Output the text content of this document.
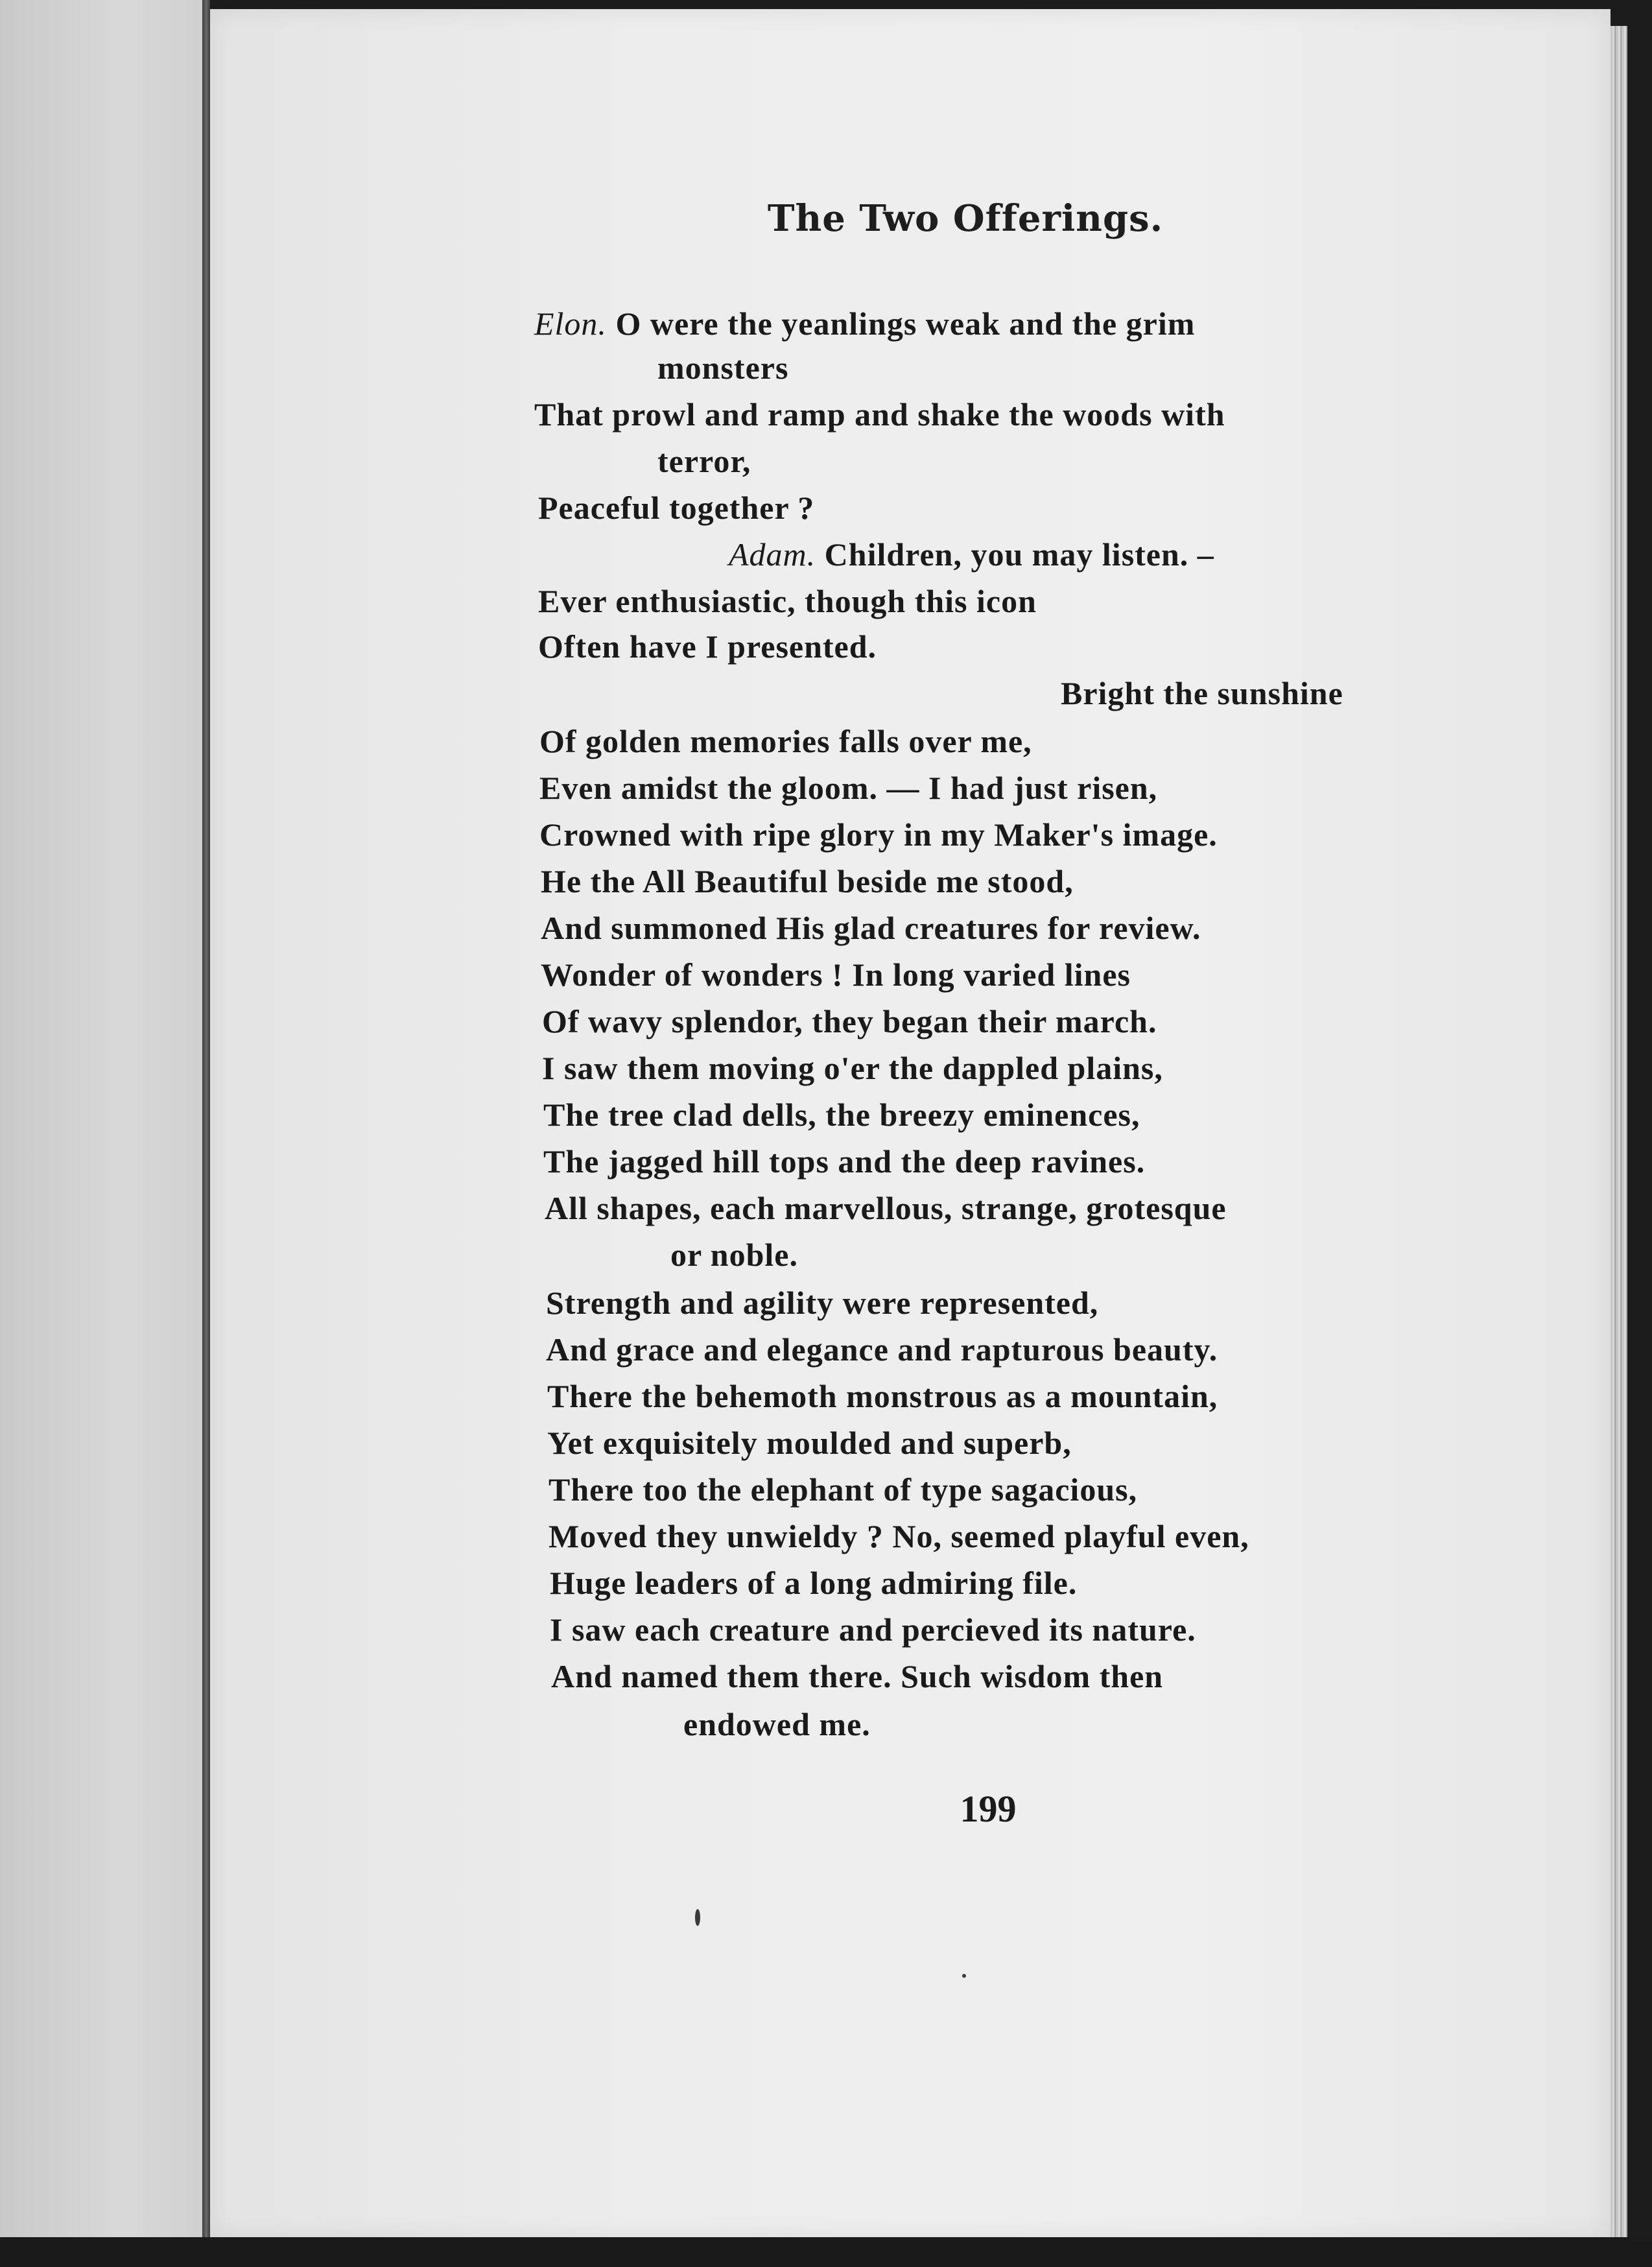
The Two Offerings.
Elon. O were the yeanlings weak and the grim
monsters
That prowl and ramp and shake the woods with
terror,
Peaceful together ?
Adam. Children, you may listen. –
Ever enthusiastic, though this icon
Often have I presented.
Bright the sunshine
Of golden memories falls over me,
Even amidst the gloom. — I had just risen,
Crowned with ripe glory in my Maker's image.
He the All Beautiful beside me stood,
And summoned His glad creatures for review.
Wonder of wonders ! In long varied lines
Of wavy splendor, they began their march.
I saw them moving o'er the dappled plains,
The tree clad dells, the breezy eminences,
The jagged hill tops and the deep ravines.
All shapes, each marvellous, strange, grotesque
or noble.
Strength and agility were represented,
And grace and elegance and rapturous beauty.
There the behemoth monstrous as a mountain,
Yet exquisitely moulded and superb,
There too the elephant of type sagacious,
Moved they unwieldy ? No, seemed playful even,
Huge leaders of a long admiring file.
I saw each creature and percieved its nature.
And named them there. Such wisdom then
endowed me.
199
